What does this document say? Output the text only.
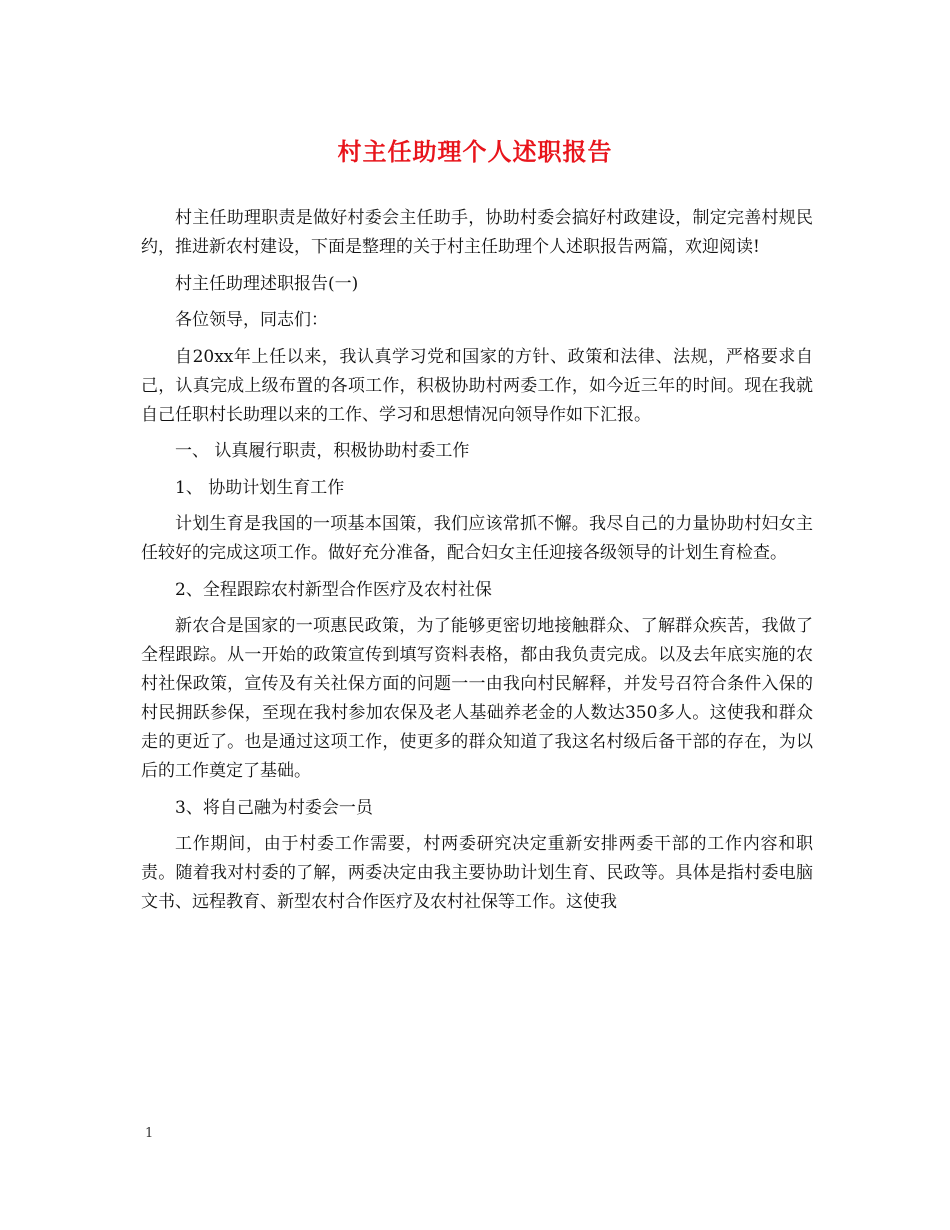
村主任助理个人述职报告

村主任助理职责是做好村委会主任助手，协助村委会搞好村政建设，制定完善村规民约，推进新农村建设，下面是整理的关于村主任助理个人述职报告两篇，欢迎阅读!

村主任助理述职报告(一)

各位领导，同志们：

自20xx年上任以来，我认真学习党和国家的方针、政策和法律、法规，严格要求自己，认真完成上级布置的各项工作，积极协助村两委工作，如今近三年的时间。现在我就自己任职村长助理以来的工作、学习和思想情况向领导作如下汇报。

一、 认真履行职责，积极协助村委工作

1、 协助计划生育工作

计划生育是我国的一项基本国策，我们应该常抓不懈。我尽自己的力量协助村妇女主任较好的完成这项工作。做好充分准备，配合妇女主任迎接各级领导的计划生育检查。

2、全程跟踪农村新型合作医疗及农村社保

新农合是国家的一项惠民政策，为了能够更密切地接触群众、了解群众疾苦，我做了全程跟踪。从一开始的政策宣传到填写资料表格，都由我负责完成。以及去年底实施的农村社保政策，宣传及有关社保方面的问题一一由我向村民解释，并发号召符合条件入保的村民拥跃参保，至现在我村参加农保及老人基础养老金的人数达350多人。这使我和群众走的更近了。也是通过这项工作，使更多的群众知道了我这名村级后备干部的存在，为以后的工作奠定了基础。

3、将自己融为村委会一员

工作期间，由于村委工作需要，村两委研究决定重新安排两委干部的工作内容和职责。随着我对村委的了解，两委决定由我主要协助计划生育、民政等。具体是指村委电脑文书、远程教育、新型农村合作医疗及农村社保等工作。这使我

1
